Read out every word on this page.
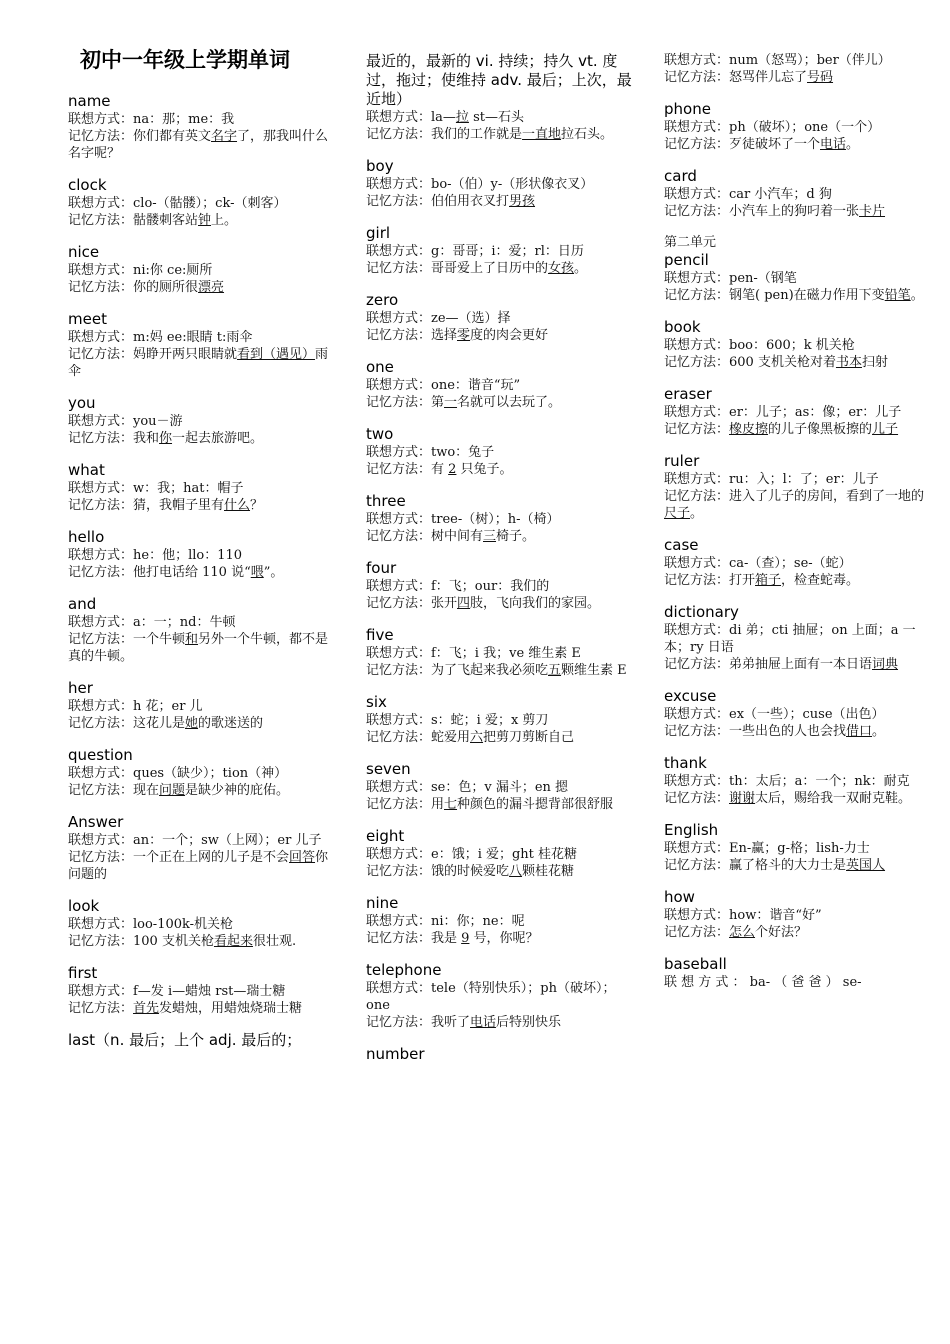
初中一年级上学期单词
name
联想方式：na：那；me：我
记忆方法：你们都有英文名字了，那我叫什么名字呢？
clock
联想方式：clo-（骷髅）；ck-（刺客）
记忆方法：骷髅刺客站钟上。
nice
联想方式：ni:你 ce:厕所
记忆方法：你的厕所很漂亮
meet
联想方式：m:妈 ee:眼睛 t:雨伞
记忆方法：妈睁开两只眼睛就看到（遇见）雨伞
you
联想方式：you－游
记忆方法：我和你一起去旅游吧。
what
联想方式：w：我；hat：帽子
记忆方法：猜，我帽子里有什么？
hello
联想方式：he：他；llo：110
记忆方法：他打电话给 110 说“喂”。
and
联想方式：a：一；nd：牛顿
记忆方法：一个牛顿和另外一个牛顿，都不是真的牛顿。
her
联想方式：h 花；er 儿
记忆方法：这花儿是她的歌迷送的
question
联想方式：ques（缺少）；tion（神）
记忆方法：现在问题是缺少神的庇佑。
Answer
联想方式：an：一个；sw（上网）；er 儿子
记忆方法：一个正在上网的儿子是不会回答你问题的
look
联想方式：loo-100k-机关枪
记忆方法：100 支机关枪看起来很壮观.
first
联想方式：f—发 i—蜡烛 rst—瑞士糖
记忆方法：首先发蜡烛，用蜡烛烧瑞士糖
last（n. 最后；上个 adj. 最后的；
最近的，最新的 vi. 持续；持久 vt. 度过，拖过；使维持 adv. 最后；上次，最近地）
联想方式：la—拉 st—石头
记忆方法：我们的工作就是一直地拉石头。
boy
联想方式：bo-（伯）y-（形状像衣叉）
记忆方法：伯伯用衣叉打男孩
girl
联想方式：g：哥哥；i：爱；rl：日历
记忆方法：哥哥爱上了日历中的女孩。
zero
联想方式：ze—（选）择
记忆方法：选择零度的肉会更好
one
联想方式：one：谐音“玩”
记忆方法：第一名就可以去玩了。
two
联想方式：two：兔子
记忆方法：有 2 只兔子。
three
联想方式：tree-（树）；h-（椅）
记忆方法：树中间有三椅子。
four
联想方式：f：飞；our：我们的
记忆方法：张开四肢，飞向我们的家园。
five
联想方式：f：飞；i 我；ve 维生素 E
记忆方法：为了飞起来我必须吃五颗维生素 E
six
联想方式：s：蛇；i 爱；x 剪刀
记忆方法：蛇爱用六把剪刀剪断自己
seven
联想方式：se：色；v 漏斗；en 摁
记忆方法：用七种颜色的漏斗摁背部很舒服
eight
联想方式：e：饿；i 爱；ght 桂花糖
记忆方法：饿的时候爱吃八颗桂花糖
nine
联想方式：ni：你；ne：呢
记忆方法：我是 9 号，你呢？
telephone
联想方式：tele（特别快乐）；ph（破坏）；one
记忆方法：我听了电话后特别快乐
number
联想方式：num（怒骂）；ber（伴儿）
记忆方法：怒骂伴儿忘了号码
phone
联想方式：ph（破坏）；one（一个）
记忆方法：歹徒破坏了一个电话。
card
联想方式：car 小汽车；d 狗
记忆方法：小汽车上的狗叼着一张卡片
第二单元
pencil
联想方式：pen-（钢笔
记忆方法：钢笔( pen)在磁力作用下变铅笔。
book
联想方式：boo：600；k 机关枪
记忆方法：600 支机关枪对着书本扫射
eraser
联想方式：er：儿子；as：像；er：儿子
记忆方法：橡皮擦的儿子像黑板擦的儿子
ruler
联想方式：ru：入；l：了；er：儿子
记忆方法：进入了儿子的房间，看到了一地的尺子。
case
联想方式：ca-（查）；se-（蛇）
记忆方法：打开箱子，检查蛇毒。
dictionary
联想方式：di 弟；cti 抽屉；on 上面；a 一本；ry 日语
记忆方法：弟弟抽屉上面有一本日语词典
excuse
联想方式：ex（一些）；cuse（出色）
记忆方法：一些出色的人也会找借口。
thank
联想方式：th：太后；a：一个；nk：耐克
记忆方法：谢谢太后，赐给我一双耐克鞋。
English
联想方式：En-赢；g-格；lish-力士
记忆方法：赢了格斗的大力士是英国人
how
联想方式：how：谐音“好”
记忆方法：怎么个好法？
baseball
联 想 方 式 ： ba- （ 爸 爸 ） se-
